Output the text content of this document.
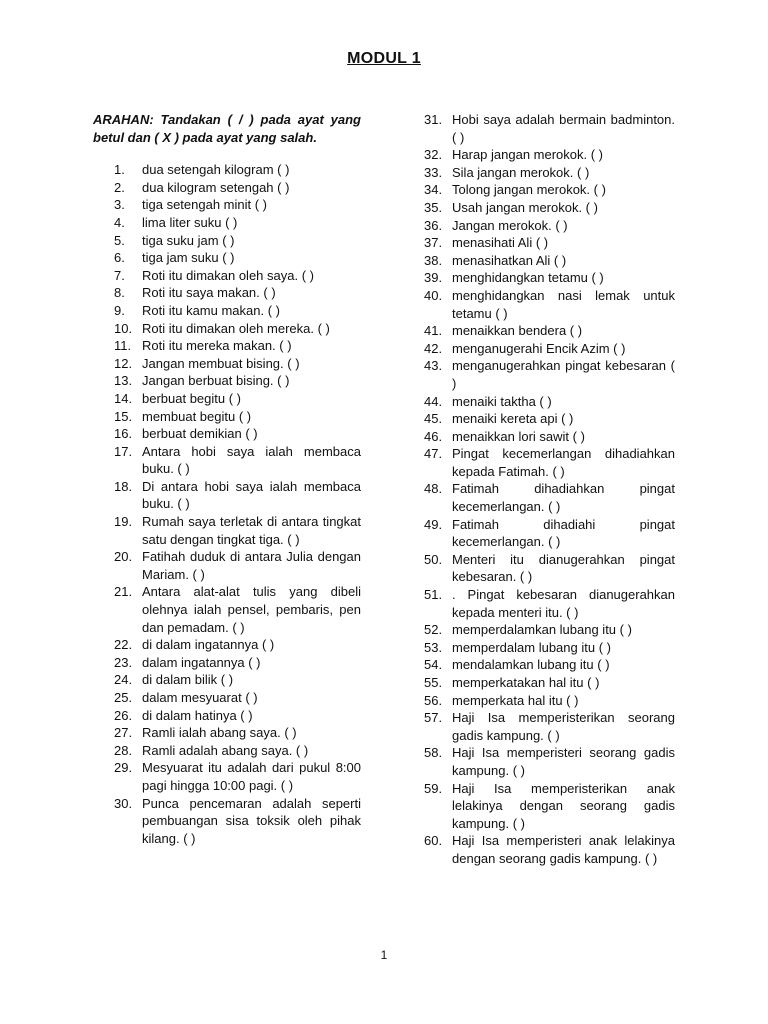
MODUL 1
ARAHAN: Tandakan ( / ) pada ayat yang betul dan ( X ) pada ayat yang salah.
1.	dua setengah kilogram ( )
2.	dua kilogram setengah ( )
3.	tiga setengah minit ( )
4.	lima liter suku ( )
5.	tiga suku jam ( )
6.	tiga jam suku ( )
7.	Roti itu dimakan oleh saya. ( )
8.	Roti itu saya makan. ( )
9.	Roti itu kamu makan. ( )
10. Roti itu dimakan oleh mereka. ( )
11. Roti itu mereka makan. ( )
12. Jangan membuat bising. ( )
13. Jangan berbuat bising. ( )
14. berbuat begitu ( )
15. membuat begitu ( )
16. berbuat demikian ( )
17. Antara hobi saya ialah membaca buku. ( )
18. Di antara hobi saya ialah membaca buku. ( )
19. Rumah saya terletak di antara tingkat satu dengan tingkat tiga. ( )
20. Fatihah duduk di antara Julia dengan Mariam. ( )
21. Antara alat-alat tulis yang dibeli olehnya ialah pensel, pembaris, pen dan pemadam. ( )
22. di dalam ingatannya ( )
23. dalam ingatannya ( )
24. di dalam bilik ( )
25. dalam mesyuarat ( )
26. di dalam hatinya ( )
27. Ramli ialah abang saya. ( )
28. Ramli adalah abang saya. ( )
29. Mesyuarat itu adalah dari pukul 8:00 pagi hingga 10:00 pagi. ( )
30. Punca pencemaran adalah seperti pembuangan sisa toksik oleh pihak kilang. ( )
31. Hobi saya adalah bermain badminton. ( )
32. Harap jangan merokok. ( )
33. Sila jangan merokok. ( )
34. Tolong jangan merokok. ( )
35. Usah jangan merokok. ( )
36. Jangan merokok. ( )
37. menasihati Ali ( )
38. menasihatkan Ali ( )
39. menghidangkan tetamu ( )
40. menghidangkan nasi lemak untuk tetamu ( )
41. menaikkan bendera ( )
42. menganugerahi Encik Azim ( )
43. menganugerahkan pingat kebesaran ( )
44. menaiki taktha ( )
45. menaiki kereta api ( )
46. menaikkan lori sawit ( )
47. Pingat kecemerlangan dihadiahkan kepada Fatimah. ( )
48. Fatimah dihadiahkan pingat kecemerlangan. ( )
49. Fatimah dihadiahi pingat kecemerlangan. ( )
50. Menteri itu dianugerahkan pingat kebesaran. ( )
51. . Pingat kebesaran dianugerahkan kepada menteri itu. ( )
52. memperdalamkan lubang itu ( )
53. memperdalam lubang itu ( )
54. mendalamkan lubang itu ( )
55. memperkatakan hal itu ( )
56. memperkata hal itu ( )
57. Haji Isa memperisterikan seorang gadis kampung. ( )
58. Haji Isa memperisteri seorang gadis kampung. ( )
59. Haji Isa memperisterikan anak lelakinya dengan seorang gadis kampung. ( )
60. Haji Isa memperisteri anak lelakinya dengan seorang gadis kampung. ( )
1
